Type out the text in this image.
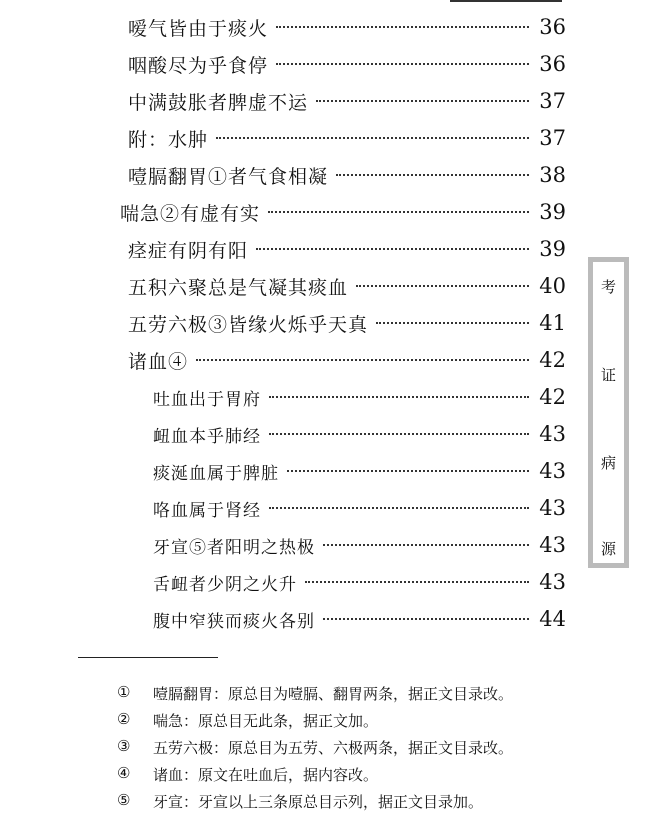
嗳气皆由于痰火	36
咽酸尽为乎食停	36
中满鼓胀者脾虚不运	37
附：水肿	37
噎膈翻胃①者气食相凝	38
喘急②有虚有实	39
痉症有阴有阳	39
五积六聚总是气凝其痰血	40
五劳六极③皆缘火烁乎天真	41
诸血④	42
吐血出于胃府	42
衄血本乎肺经	43
痰涎血属于脾脏	43
咯血属于肾经	43
牙宣⑤者阳明之热极	43
舌衄者少阴之火升	43
腹中窄狭而痰火各别	44
考
证
病
源
①	噎膈翻胃：原总目为噎膈、翻胃两条，据正文目录改。
②	喘急：原总目无此条，据正文加。
③	五劳六极：原总目为五劳、六极两条，据正文目录改。
④	诸血：原文在吐血后，据内容改。
⑤	牙宣：牙宣以上三条原总目示列，据正文目录加。
